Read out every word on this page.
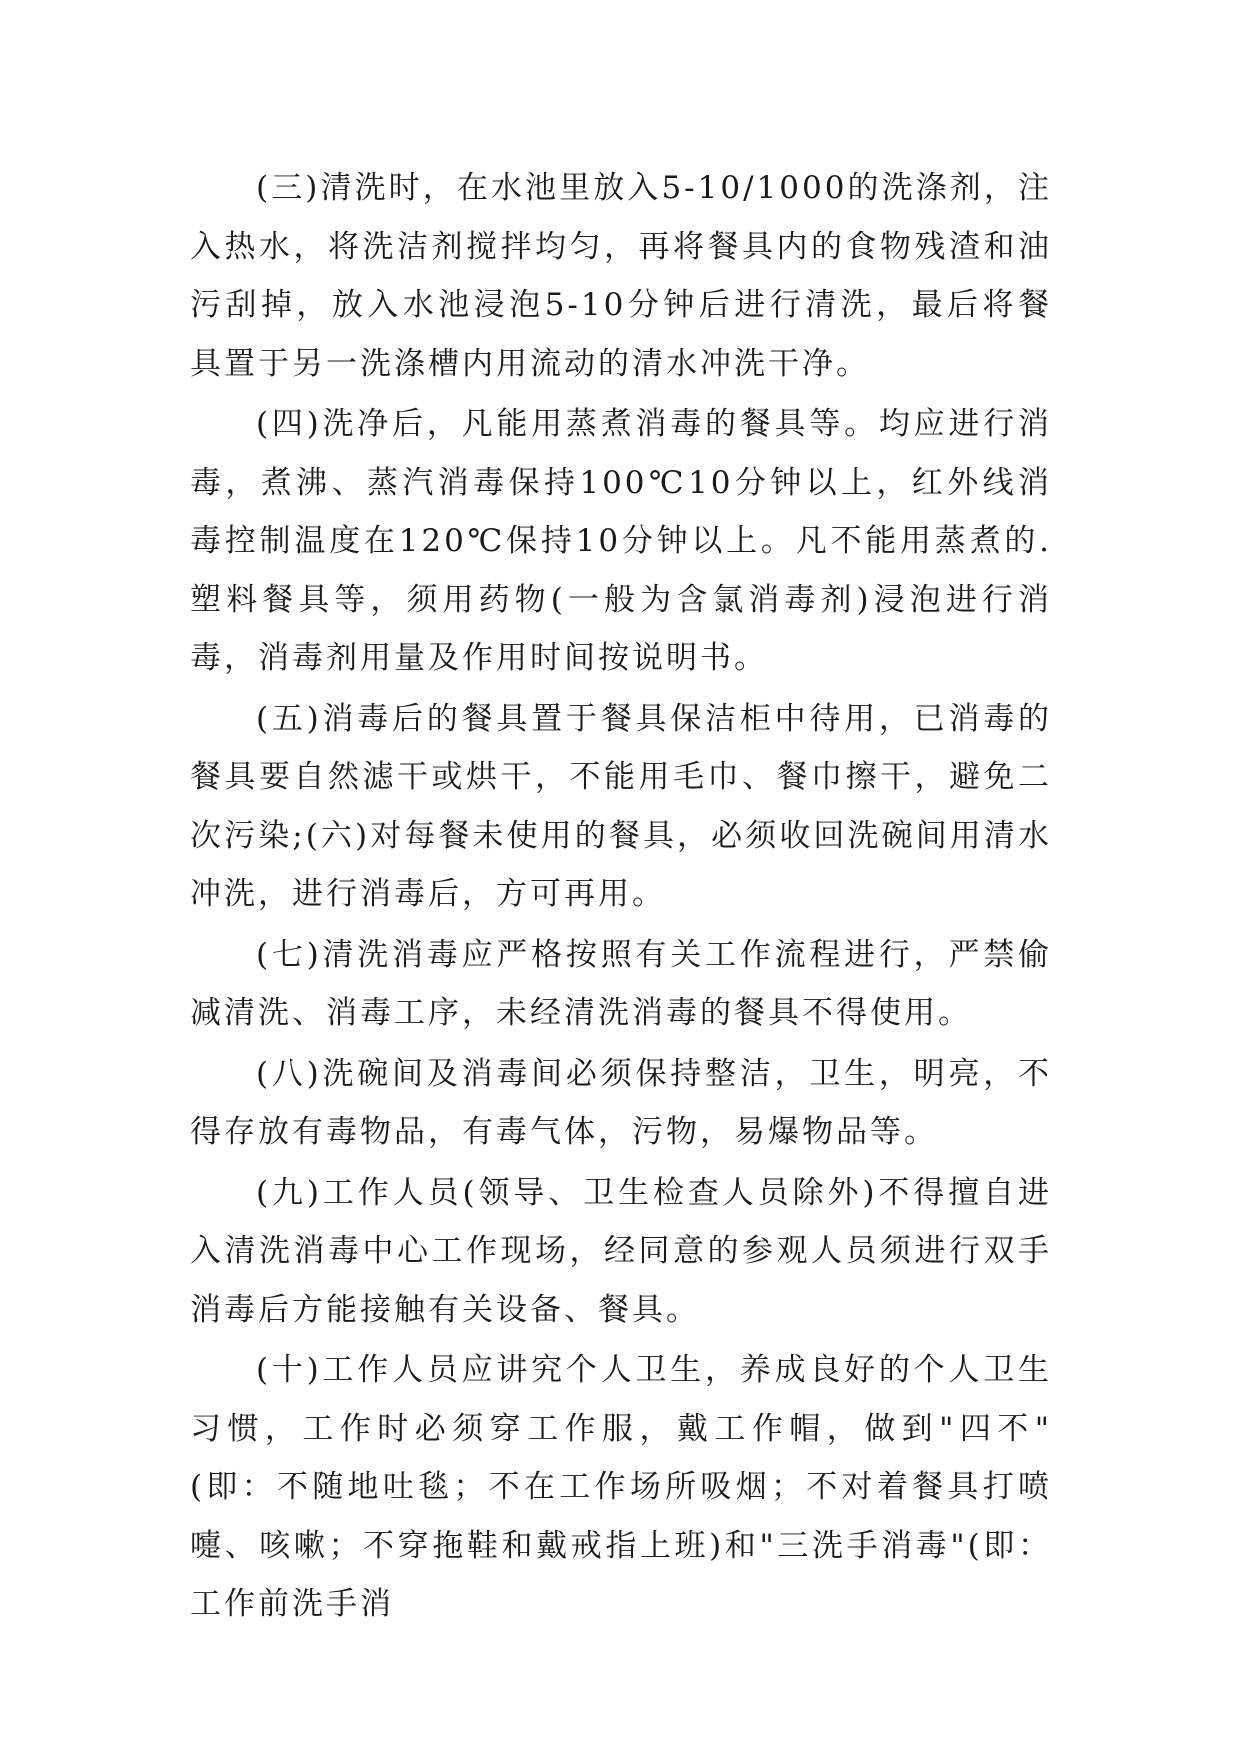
(三)清洗时，在水池里放入5-10/1000的洗涤剂，注入热水，将洗洁剂搅拌均匀，再将餐具内的食物残渣和油污刮掉，放入水池浸泡5-10分钟后进行清洗，最后将餐具置于另一洗涤槽内用流动的清水冲洗干净。

(四)洗净后，凡能用蒸煮消毒的餐具等。均应进行消毒，煮沸、蒸汽消毒保持100℃10分钟以上，红外线消毒控制温度在120℃保持10分钟以上。凡不能用蒸煮的.塑料餐具等，须用药物(一般为含氯消毒剂)浸泡进行消毒，消毒剂用量及作用时间按说明书。

(五)消毒后的餐具置于餐具保洁柜中待用，已消毒的餐具要自然滤干或烘干，不能用毛巾、餐巾擦干，避免二次污染;(六)对每餐未使用的餐具，必须收回洗碗间用清水冲洗，进行消毒后，方可再用。

(七)清洗消毒应严格按照有关工作流程进行，严禁偷减清洗、消毒工序，未经清洗消毒的餐具不得使用。

(八)洗碗间及消毒间必须保持整洁，卫生，明亮，不得存放有毒物品，有毒气体，污物，易爆物品等。

(九)工作人员(领导、卫生检查人员除外)不得擅自进入清洗消毒中心工作现场，经同意的参观人员须进行双手消毒后方能接触有关设备、餐具。

(十)工作人员应讲究个人卫生，养成良好的个人卫生习惯，工作时必须穿工作服，戴工作帽，做到"四不"(即：不随地吐毯；不在工作场所吸烟；不对着餐具打喷嚏、咳嗽；不穿拖鞋和戴戒指上班)和"三洗手消毒"(即：工作前洗手消
